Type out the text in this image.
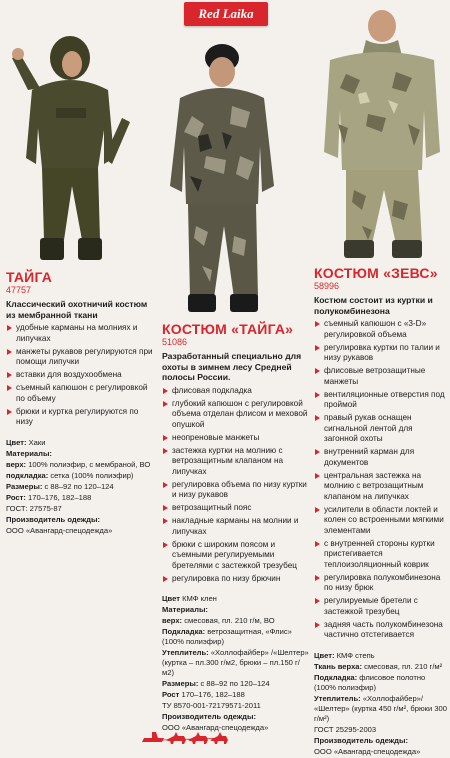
Red Laika
ТАЙГА
47757
Классический охотничий костюм из мембранной ткани
удобные карманы на молниях и липучках
манжеты рукавов регулируются при помощи липучки
вставки для воздухообмена
съемный капюшон с регулировкой по объему
брюки и куртка регулируются по низу
Цвет: Хаки
Материалы:
верх: 100% полиэфир, с мембраной, ВО
подкладка: сетка (100% полиэфир)
Размеры: с 88–92 по 120–124
Рост: 170–176, 182–188
ГОСТ: 27575-87
Производитель одежды:
ООО «Авангард-спецодежда»
КОСТЮМ «ТАЙГА»
51086
Разработанный специально для охоты в зимнем лесу Средней полосы России.
флисовая подкладка
глубокий капюшон с регулировкой объема отделан флисом и меховой опушкой
неопреновые манжеты
застежка куртки на молнию с ветрозащитным клапаном на липучках
регулировка объема по низу куртки и низу рукавов
ветрозащитный пояс
накладные карманы на молнии и липучках
брюки с широким поясом и съемными регулируемыми бретелями с застежкой трезубец
регулировка по низу брючин
Цвет КМФ клен
Материалы:
верх: смесовая, пл. 210 г/м, ВО
Подкладка: ветрозащитная, «Флис» (100% полиэфир)
Утеплитель: «Холлофайбер» /«Шелтер» (куртка – пл.300 г/м2, брюки – пл.150 г/м2)
Размеры: с 88–92 по 120–124
Рост 170–176, 182–188
ТУ 8570-001-72179571-2011
Производитель одежды:
ООО «Авангард-спецодежда»
КОСТЮМ «ЗЕВС»
58996
Костюм состоит из куртки и полукомбинезона
съемный капюшон с «3-D» регулировкой объема
регулировка куртки по талии и низу рукавов
флисовые ветрозащитные манжеты
вентиляционные отверстия под проймой
правый рукав оснащен сигнальной лентой для загонной охоты
внутренний карман для документов
центральная застежка на молнию с ветрозащитным клапаном на липучках
усилители в области локтей и колен со встроенными мягкими элементами
с внутренней стороны куртки пристегивается теплоизоляционный коврик
регулировка полукомбинезона по низу брюк
регулируемые бретели с застежкой трезубец
задняя часть полукомбинезона частично отстегивается
Цвет: КМФ степь
Ткань верха: смесовая, пл. 210 г/м²
Подкладка: флисовое полотно (100% полиэфир)
Утеплитель: «Холлофайбер»/ «Шелтер» (куртка 450 г/м², брюки 300 г/м²)
ГОСТ 25295-2003
Производитель одежды:
ООО «Авангард-спецодежда»
